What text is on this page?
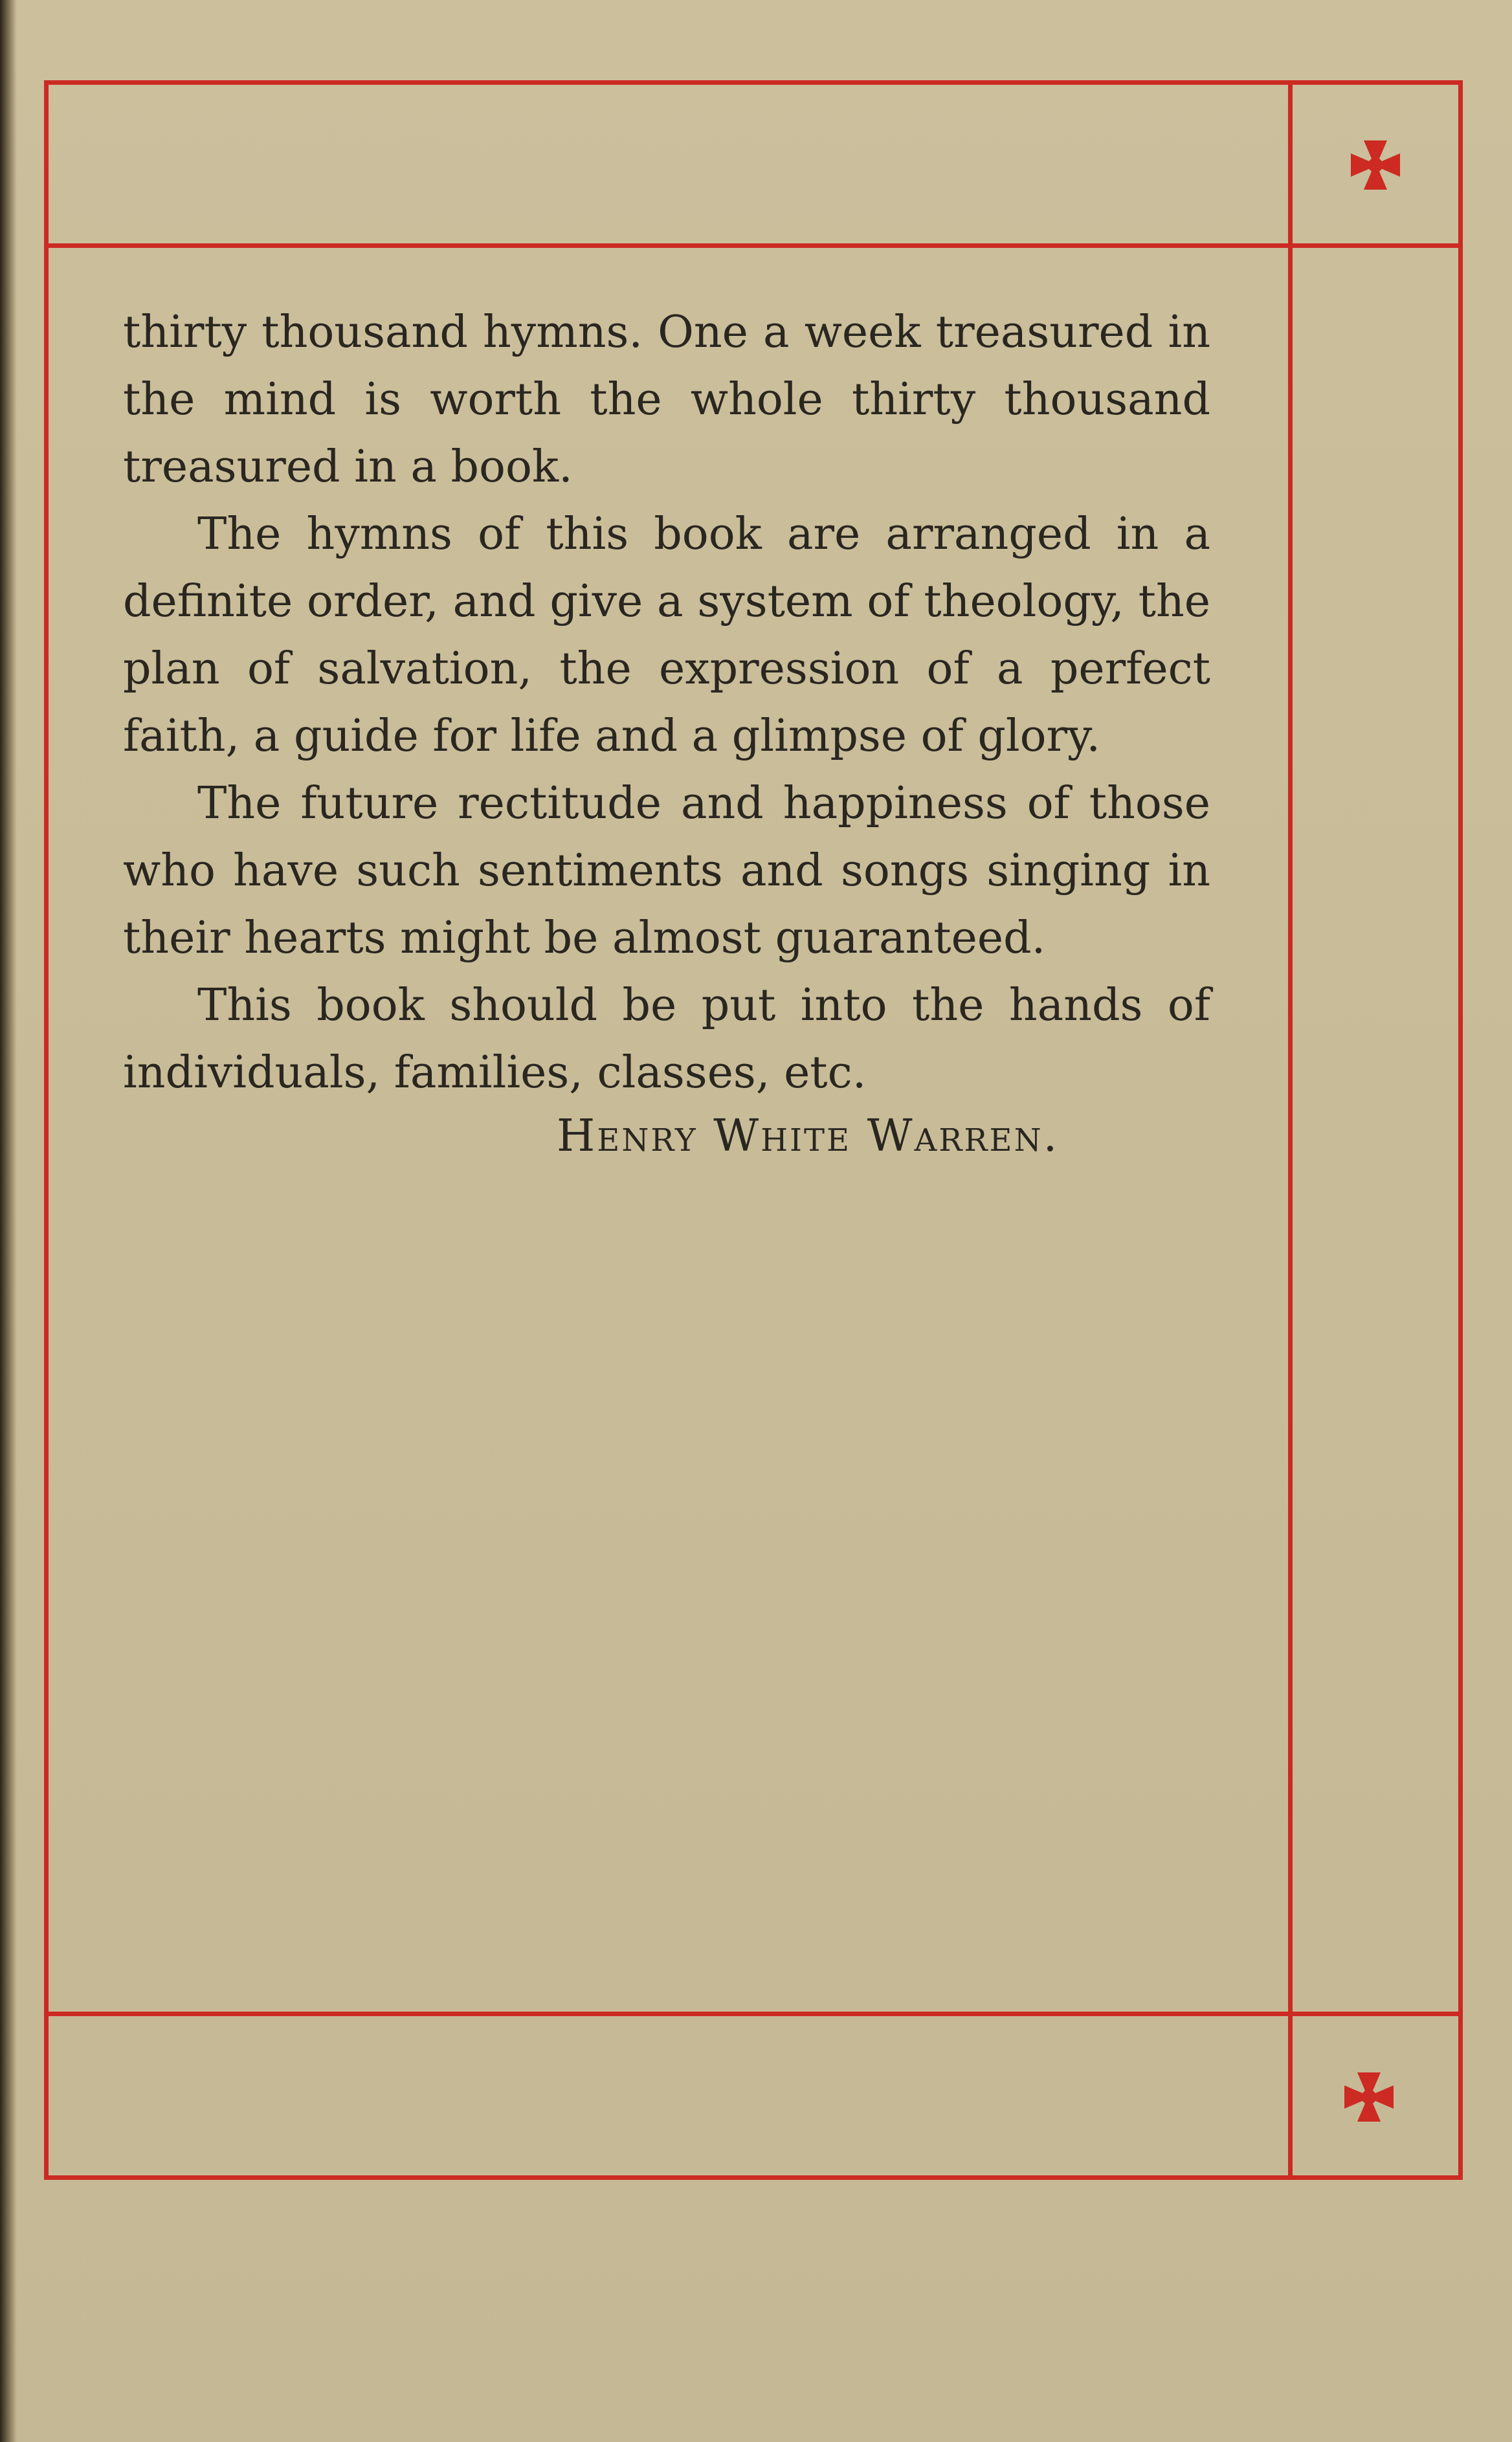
thirty thousand hymns. One a week treasured in the mind is worth the whole thirty thousand treasured in a book.

The hymns of this book are arranged in a definite order, and give a system of theology, the plan of salvation, the expression of a perfect faith, a guide for life and a glimpse of glory.

The future rectitude and happiness of those who have such sentiments and songs singing in their hearts might be almost guaranteed.

This book should be put into the hands of individuals, families, classes, etc.

Henry White Warren.
